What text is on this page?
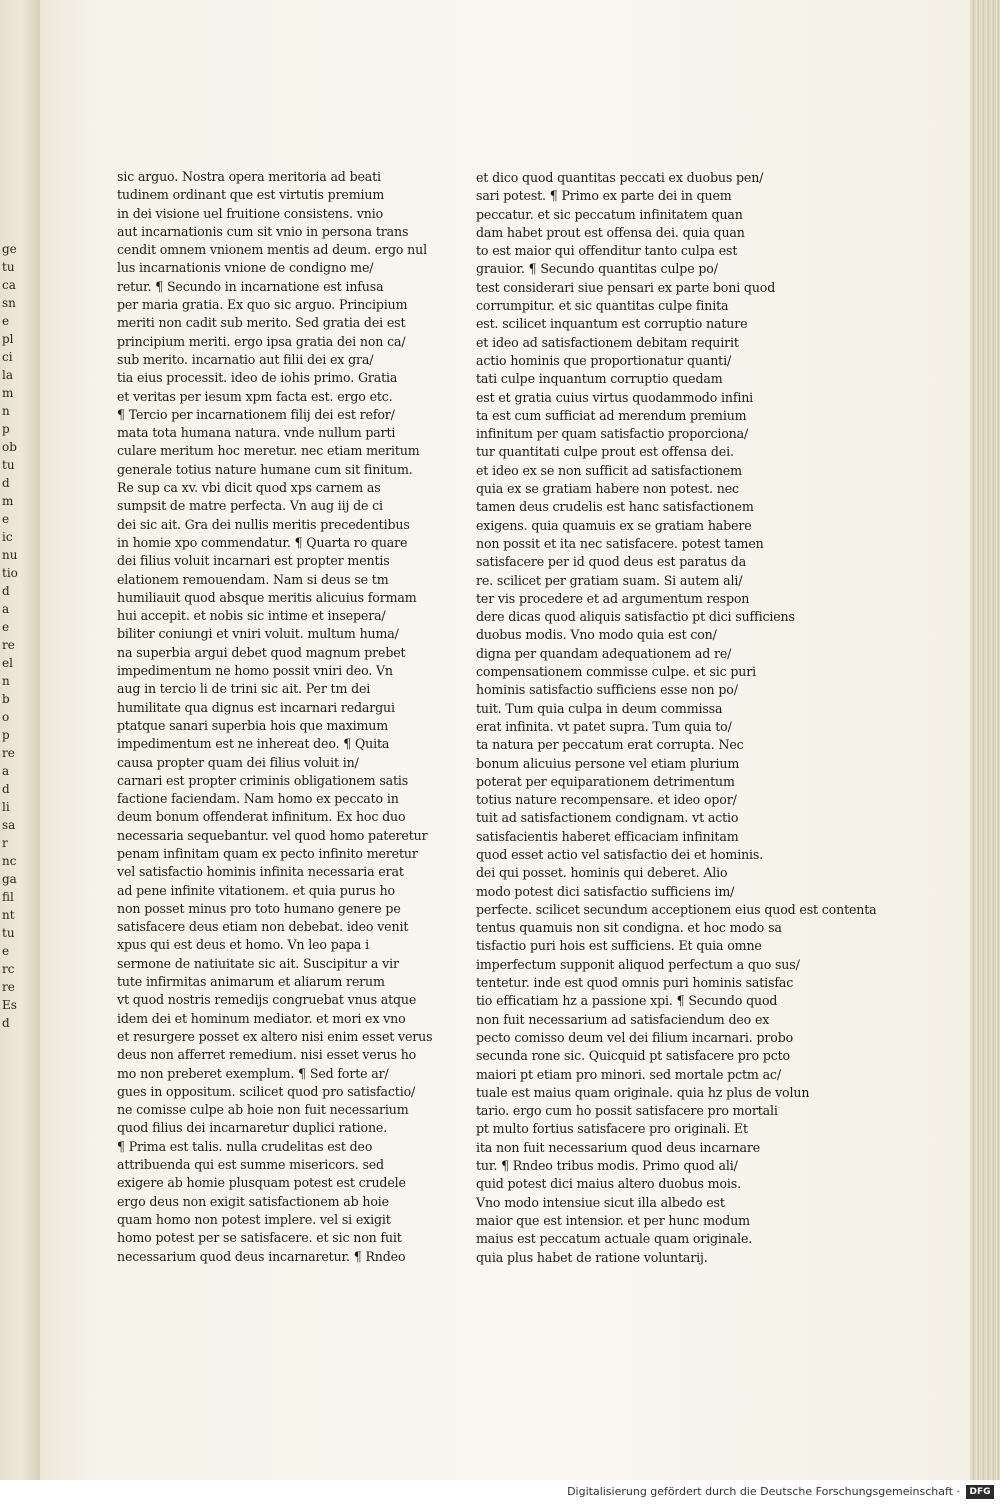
ge
tu
ca
sn
e
pl
ci
la
m
n
p
ob
tu
d
m
e
ic
nu
tio
d
a
e
re
el
n
b
o
p
re
a
d
li
sa
r
nc
ga
fil
nt
tu
e
rc
re
Es
d
sic arguo. Nostra opera meritoria ad beati
tudinem ordinant que est virtutis premium
in dei visione uel fruitione consistens. vnio
aut incarnationis cum sit vnio in persona trans
cendit omnem vnionem mentis ad deum. ergo nul
lus incarnationis vnione de condigno me/
retur. ¶ Secundo in incarnatione est infusa
per maria gratia. Ex quo sic arguo. Principium
meriti non cadit sub merito. Sed gratia dei est
principium meriti. ergo ipsa gratia dei non ca/
sub merito. incarnatio aut filii dei ex gra/
tia eius processit. ideo de iohis primo. Gratia
et veritas per iesum xpm facta est. ergo etc.
¶ Tercio per incarnationem filij dei est refor/
mata tota humana natura. vnde nullum parti
culare meritum hoc meretur. nec etiam meritum
generale totius nature humane cum sit finitum.
Re sup ca xv. vbi dicit quod xps carnem as
sumpsit de matre perfecta. Vn aug iij de ci
dei sic ait. Gra dei nullis meritis precedentibus
in homie xpo commendatur. ¶ Quarta ro quare
dei filius voluit incarnari est propter mentis
elationem remouendam. Nam si deus se tm
humiliauit quod absque meritis alicuius formam
hui accepit. et nobis sic intime et insepera/
biliter coniungi et vniri voluit. multum huma/
na superbia argui debet quod magnum prebet
impedimentum ne homo possit vniri deo. Vn
aug in tercio li de trini sic ait. Per tm dei
humilitate qua dignus est incarnari redargui
ptatque sanari superbia hois que maximum
impedimentum est ne inhereat deo. ¶ Quita
causa propter quam dei filius voluit in/
carnari est propter criminis obligationem satis
factione faciendam. Nam homo ex peccato in
deum bonum offenderat infinitum. Ex hoc duo
necessaria sequebantur. vel quod homo pateretur
penam infinitam quam ex pecto infinito meretur
vel satisfactio hominis infinita necessaria erat
ad pene infinite vitationem. et quia purus ho
non posset minus pro toto humano genere pe
satisfacere deus etiam non debebat. ideo venit
xpus qui est deus et homo. Vn leo papa i
sermone de natiuitate sic ait. Suscipitur a vir
tute infirmitas animarum et aliarum rerum
vt quod nostris remedijs congruebat vnus atque
idem dei et hominum mediator. et mori ex vno
et resurgere posset ex altero nisi enim esset verus
deus non afferret remedium. nisi esset verus ho
mo non preberet exemplum. ¶ Sed forte ar/
gues in oppositum. scilicet quod pro satisfactio/
ne comisse culpe ab hoie non fuit necessarium
quod filius dei incarnaretur duplici ratione.
¶ Prima est talis. nulla crudelitas est deo
attribuenda qui est summe misericors. sed
exigere ab homie plusquam potest est crudele
ergo deus non exigit satisfactionem ab hoie
quam homo non potest implere. vel si exigit
homo potest per se satisfacere. et sic non fuit
necessarium quod deus incarnaretur. ¶ Rndeo
et dico quod quantitas peccati ex duobus pen/
sari potest. ¶ Primo ex parte dei in quem
peccatur. et sic peccatum infinitatem quan
dam habet prout est offensa dei. quia quan
to est maior qui offenditur tanto culpa est
grauior. ¶ Secundo quantitas culpe po/
test considerari siue pensari ex parte boni quod
corrumpitur. et sic quantitas culpe finita
est. scilicet inquantum est corruptio nature
et ideo ad satisfactionem debitam requirit
actio hominis que proportionatur quanti/
tati culpe inquantum corruptio quedam
est et gratia cuius virtus quodammodo infini
ta est cum sufficiat ad merendum premium
infinitum per quam satisfactio proporciona/
tur quantitati culpe prout est offensa dei.
et ideo ex se non sufficit ad satisfactionem
quia ex se gratiam habere non potest. nec
tamen deus crudelis est hanc satisfactionem
exigens. quia quamuis ex se gratiam habere
non possit et ita nec satisfacere. potest tamen
satisfacere per id quod deus est paratus da
re. scilicet per gratiam suam. Si autem ali/
ter vis procedere et ad argumentum respon
dere dicas quod aliquis satisfactio pt dici sufficiens
duobus modis. Vno modo quia est con/
digna per quandam adequationem ad re/
compensationem commisse culpe. et sic puri
hominis satisfactio sufficiens esse non po/
tuit. Tum quia culpa in deum commissa
erat infinita. vt patet supra. Tum quia to/
ta natura per peccatum erat corrupta. Nec
bonum alicuius persone vel etiam plurium
poterat per equiparationem detrimentum
totius nature recompensare. et ideo opor/
tuit ad satisfactionem condignam. vt actio
satisfacientis haberet efficaciam infinitam
quod esset actio vel satisfactio dei et hominis.
dei qui posset. hominis qui deberet. Alio
modo potest dici satisfactio sufficiens im/
perfecte. scilicet secundum acceptionem eius quod est contenta
tentus quamuis non sit condigna. et hoc modo sa
tisfactio puri hois est sufficiens. Et quia omne
imperfectum supponit aliquod perfectum a quo sus/
tentetur. inde est quod omnis puri hominis satisfac
tio efficatiam hz a passione xpi. ¶ Secundo quod
non fuit necessarium ad satisfaciendum deo ex
pecto comisso deum vel dei filium incarnari. probo
secunda rone sic. Quicquid pt satisfacere pro pcto
maiori pt etiam pro minori. sed mortale pctm ac/
tuale est maius quam originale. quia hz plus de volun
tario. ergo cum ho possit satisfacere pro mortali
pt multo fortius satisfacere pro originali. Et
ita non fuit necessarium quod deus incarnare
tur. ¶ Rndeo tribus modis. Primo quod ali/
quid potest dici maius altero duobus mois.
Vno modo intensiue sicut illa albedo est
maior que est intensior. et per hunc modum
maius est peccatum actuale quam originale.
quia plus habet de ratione voluntarij.
Digitalisierung gefördert durch die Deutsche Forschungsgemeinschaft ·	DFG
